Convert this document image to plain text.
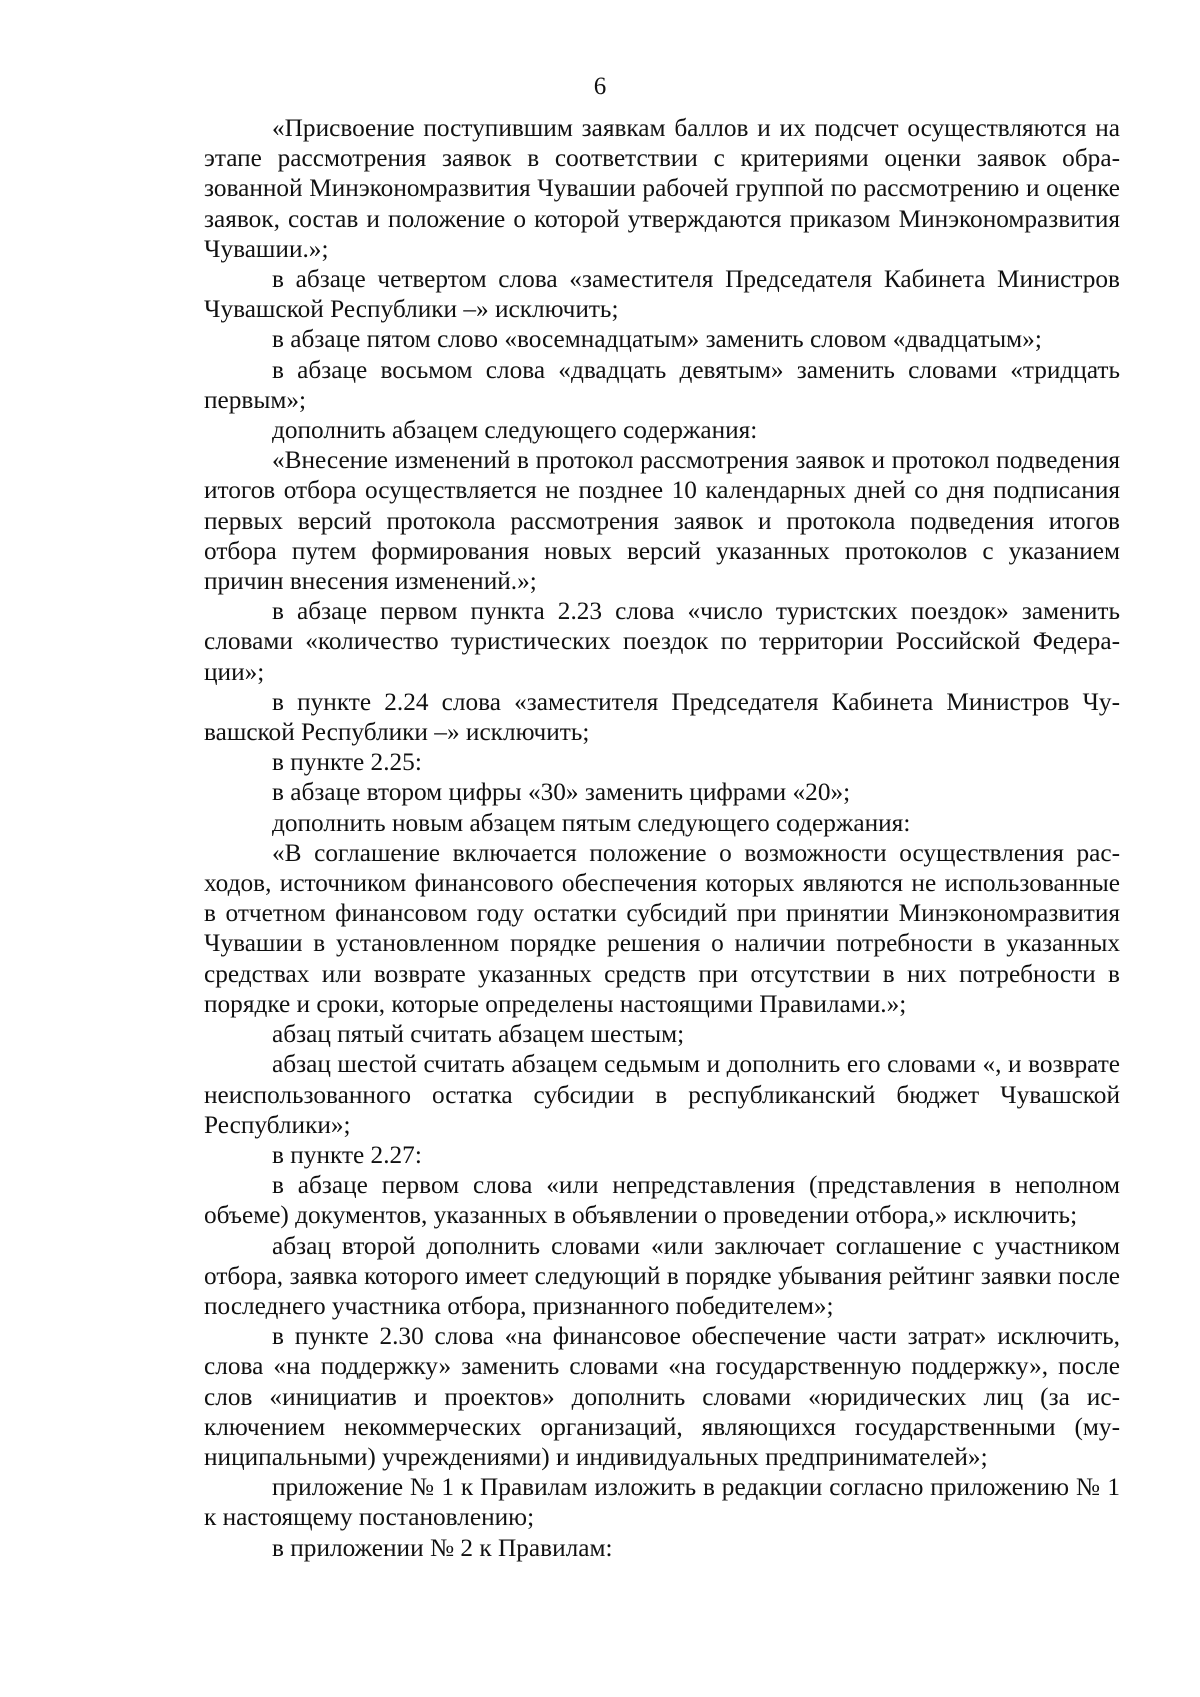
6

«Присвоение поступившим заявкам баллов и их подсчет осуществляются на этапе рассмотрения заявок в соответствии с критериями оценки заявок образованной Минэкономразвития Чувашии рабочей группой по рассмотрению и оценке заявок, состав и положение о которой утверждаются приказом Минэкономразвития Чувашии.»;

в абзаце четвертом слова «заместителя Председателя Кабинета Министров Чувашской Республики –» исключить;

в абзаце пятом слово «восемнадцатым» заменить словом «двадцатым»;

в абзаце восьмом слова «двадцать девятым» заменить словами «тридцать первым»;

дополнить абзацем следующего содержания:

«Внесение изменений в протокол рассмотрения заявок и протокол подведения итогов отбора осуществляется не позднее 10 календарных дней со дня подписания первых версий протокола рассмотрения заявок и протокола подведения итогов отбора путем формирования новых версий указанных протоколов с указанием причин внесения изменений.»;

в абзаце первом пункта 2.23 слова «число туристских поездок» заменить словами «количество туристических поездок по территории Российской Федерации»;

в пункте 2.24 слова «заместителя Председателя Кабинета Министров Чувашской Республики –» исключить;

в пункте 2.25:

в абзаце втором цифры «30» заменить цифрами «20»;

дополнить новым абзацем пятым следующего содержания:

«В соглашение включается положение о возможности осуществления расходов, источником финансового обеспечения которых являются не использованные в отчетном финансовом году остатки субсидий при принятии Минэкономразвития Чувашии в установленном порядке решения о наличии потребности в указанных средствах или возврате указанных средств при отсутствии в них потребности в порядке и сроки, которые определены настоящими Правилами.»;

абзац пятый считать абзацем шестым;

абзац шестой считать абзацем седьмым и дополнить его словами «, и возврате неиспользованного остатка субсидии в республиканский бюджет Чувашской Республики»;

в пункте 2.27:

в абзаце первом слова «или непредставления (представления в неполном объеме) документов, указанных в объявлении о проведении отбора,» исключить;

абзац второй дополнить словами «или заключает соглашение с участником отбора, заявка которого имеет следующий в порядке убывания рейтинг заявки после последнего участника отбора, признанного победителем»;

в пункте 2.30 слова «на финансовое обеспечение части затрат» исключить, слова «на поддержку» заменить словами «на государственную поддержку», после слов «инициатив и проектов» дополнить словами «юридических лиц (за исключением некоммерческих организаций, являющихся государственными (муниципальными) учреждениями) и индивидуальных предпринимателей»;

приложение № 1 к Правилам изложить в редакции согласно приложению № 1 к настоящему постановлению;

в приложении № 2 к Правилам:
